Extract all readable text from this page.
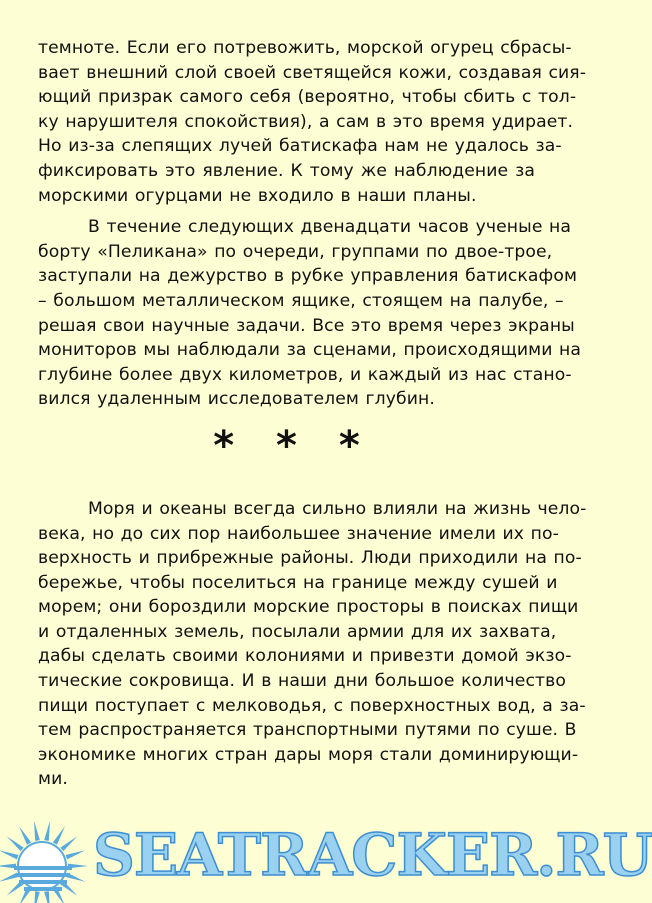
темноте. Если его потревожить, морской огурец сбрасы-
вает внешний слой своей светящейся кожи, создавая сия-
ющий призрак самого себя (вероятно, чтобы сбить с тол-
ку нарушителя спокойствия), а сам в это время удирает.
Но из-за слепящих лучей батискафа нам не удалось за-
фиксировать это явление. К тому же наблюдение за
морскими огурцами не входило в наши планы.
В течение следующих двенадцати часов ученые на
борту «Пеликана» по очереди, группами по двое-трое,
заступали на дежурство в рубке управления батискафом
– большом металлическом ящике, стоящем на палубе, –
решая свои научные задачи. Все это время через экраны
мониторов мы наблюдали за сценами, происходящими на
глубине более двух километров, и каждый из нас стано-
вился удаленным исследователем глубин.
* * *
Моря и океаны всегда сильно влияли на жизнь чело-
века, но до сих пор наибольшее значение имели их по-
верхность и прибрежные районы. Люди приходили на по-
бережье, чтобы поселиться на границе между сушей и
морем; они бороздили морские просторы в поисках пищи
и отдаленных земель, посылали армии для их захвата,
дабы сделать своими колониями и привезти домой экзо-
тические сокровища. И в наши дни большое количество
пищи поступает с мелководья, с поверхностных вод, а за-
тем распространяется транспортными путями по суше. В
экономике многих стран дары моря стали доминирующи-
ми.
SEATRACKER.RU
